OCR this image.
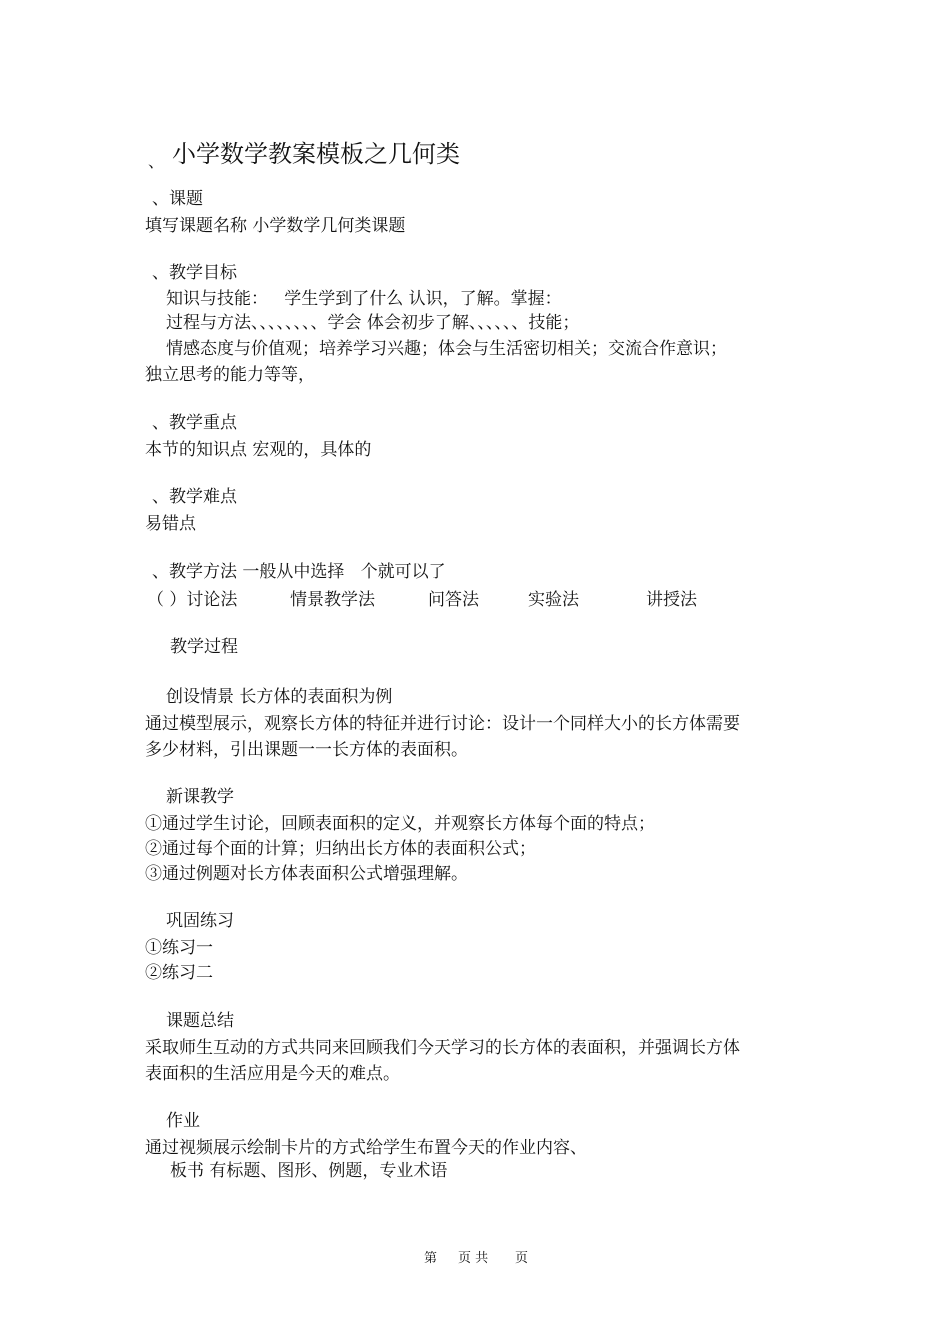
、 小学数学教案模板之几何类
、课题
填写课题名称 小学数学几何类课题
、教学目标
知识与技能：   学生学到了什么 认识，了解。掌握：
过程与方法、、、、、、、、学会 体会初步了解、、、、、、技能；
情感态度与价值观；培养学习兴趣；体会与生活密切相关；交流合作意识；
独立思考的能力等等，
、教学重点
本节的知识点 宏观的，具体的
、教学难点
易错点
、教学方法 一般从中选择   个就可以了
（ ）讨论法	情景教学法	问答法	实验法	讲授法
教学过程
创设情景 长方体的表面积为例
通过模型展示，观察长方体的特征并进行讨论：设计一个同样大小的长方体需要
多少材料，引出课题一一长方体的表面积。
新课教学
①通过学生讨论，回顾表面积的定义，并观察长方体每个面的特点；
②通过每个面的计算；归纳出长方体的表面积公式；
③通过例题对长方体表面积公式增强理解。
巩固练习
①练习一
②练习二
课题总结
采取师生互动的方式共同来回顾我们今天学习的长方体的表面积，并强调长方体
表面积的生活应用是今天的难点。
作业
通过视频展示绘制卡片的方式给学生布置今天的作业内容、
板书 有标题、图形、例题，专业术语
第 页 共 页
